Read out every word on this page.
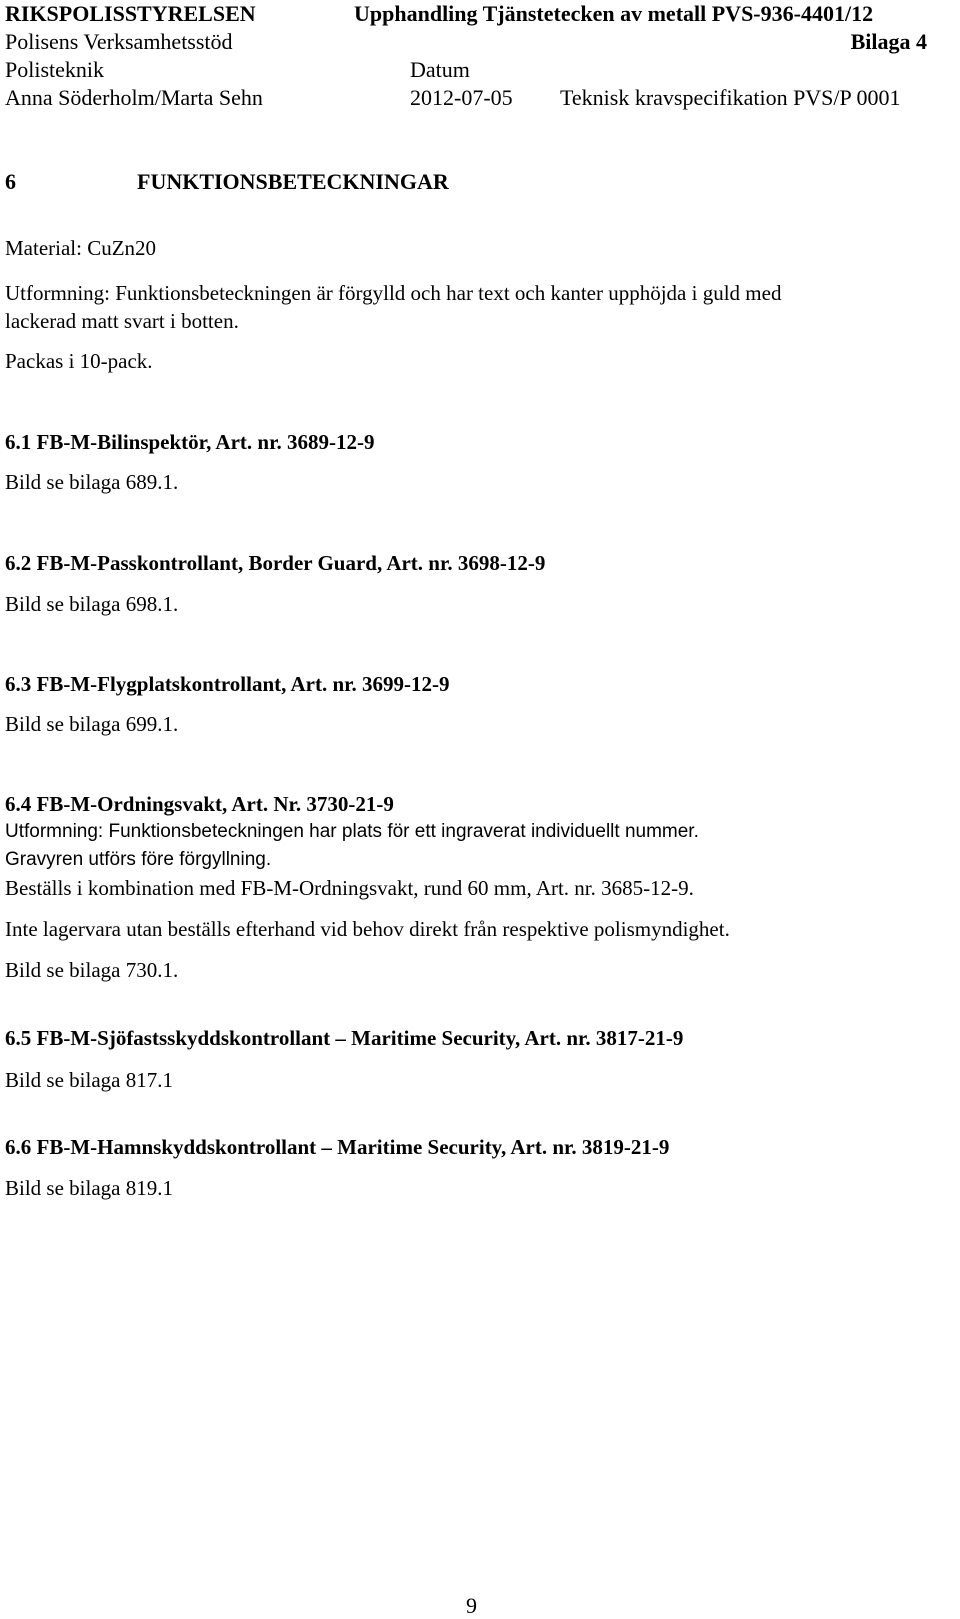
RIKSPOLISSTYRELSEN	Upphandling Tjänstetecken av metall PVS-936-4401/12

Polisens Verksamhetsstöd	Bilaga 4

Polisteknik	Datum

Anna Söderholm/Marta Sehn	2012-07-05 Teknisk kravspecifikation PVS/P 0001

6	FUNKTIONSBETECKNINGAR

Material: CuZn20

Utformning: Funktionsbeteckningen är förgylld och har text och kanter upphöjda i guld med

lackerad matt svart i botten.

Packas i 10-pack.

6.1 FB-M-Bilinspektör, Art. nr. 3689-12-9

Bild se bilaga 689.1.

6.2 FB-M-Passkontrollant, Border Guard, Art. nr. 3698-12-9

Bild se bilaga 698.1.

6.3 FB-M-Flygplatskontrollant, Art. nr. 3699-12-9

Bild se bilaga 699.1.

6.4 FB-M-Ordningsvakt, Art. Nr. 3730-21-9

Utformning: Funktionsbeteckningen har plats för ett ingraverat individuellt nummer.

Gravyren utförs före förgyllning.

Beställs i kombination med FB-M-Ordningsvakt, rund 60 mm, Art. nr. 3685-12-9.

Inte lagervara utan beställs efterhand vid behov direkt från respektive polismyndighet.

Bild se bilaga 730.1.

6.5 FB-M-Sjöfastsskyddskontrollant – Maritime Security, Art. nr. 3817-21-9

Bild se bilaga 817.1

6.6 FB-M-Hamnskyddskontrollant – Maritime Security, Art. nr. 3819-21-9

Bild se bilaga 819.1

9
